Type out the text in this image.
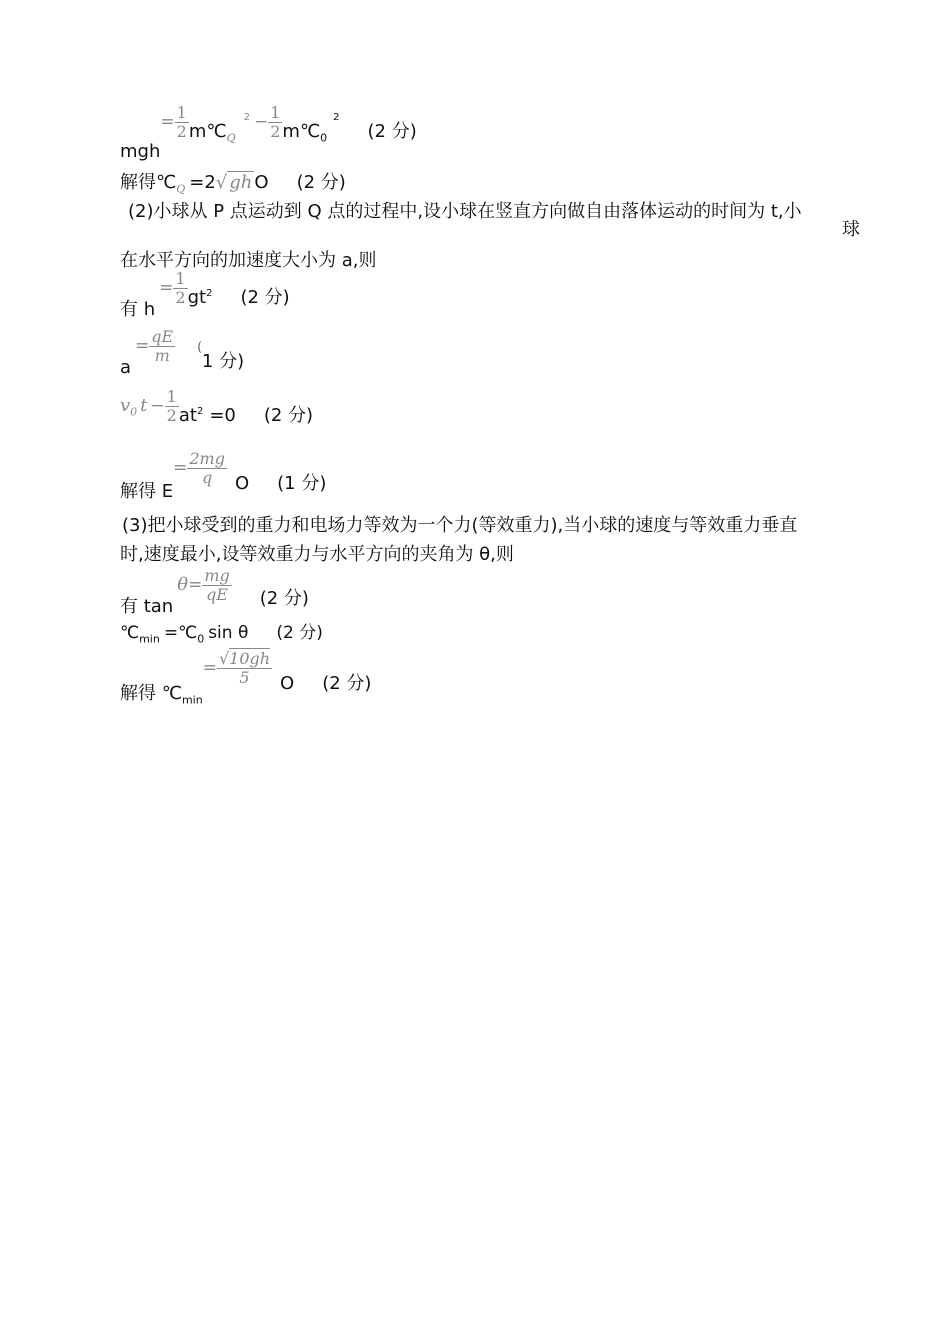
$mgh= \frac{1}{2}$ $m℃_Q^2 - \frac{1}{2}$ $m℃_0^2(2$ 分)
解得$℃_Q =2√$ gh O (2 分)
(2)小球从 P 点运动到 Q 点的过程中,设小球在竖直方向做自由落体运动的时间为 t,小
球
在水平方向的加速度大小为 a,则
有 $h= \frac{1}{2} gt^2$ (2 分)
$a= \frac{qE}{m} (1$ 分)
$v_0$ $t - \frac{1}{2} at^2 =0$ (2 分)
解得 $E= \frac{2mg}{q}$ O (1 分)
(3)把小球受到的重力和电场力等效为一个力(等效重力),当小球的速度与等效重力垂直
时,速度最小,设等效重力与水平方向的夹角为 θ,则
有 $\tan\theta= \frac{mg}{qE} (2$ 分)
$℃_{min}$ $=℃_0$ sin θ (2 分)
解得 $℃_{min}= \frac{√10gh}{5}$ O (2 分)
